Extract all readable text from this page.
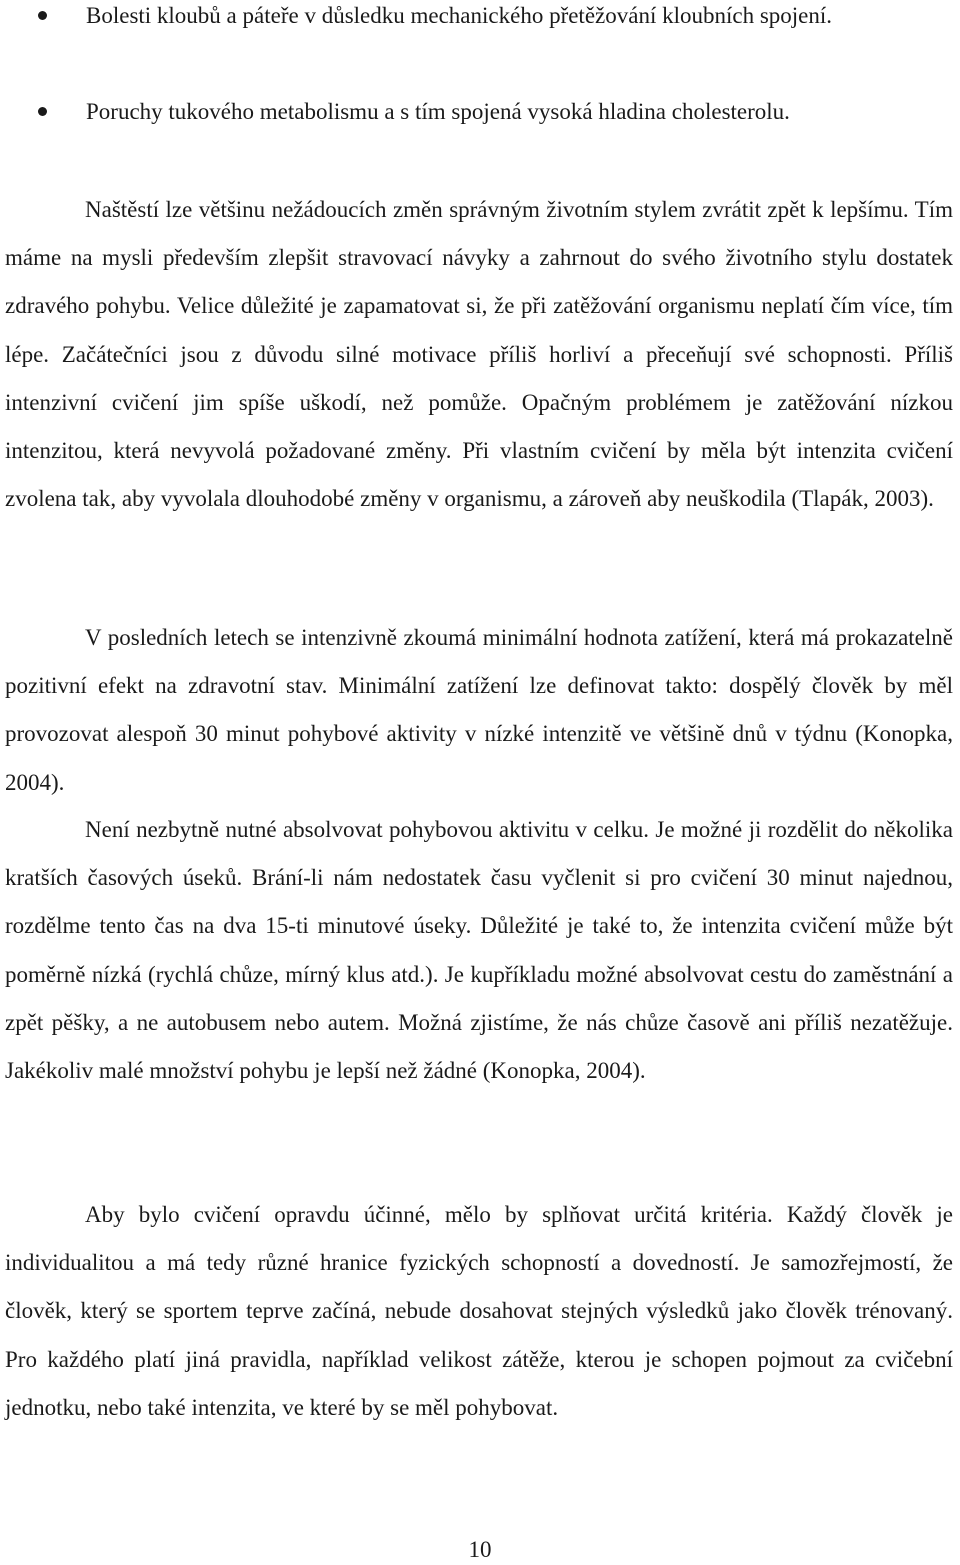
Bolesti kloubů a páteře v důsledku mechanického přetěžování kloubních spojení.
Poruchy tukového metabolismu a s tím spojená vysoká hladina cholesterolu.

Naštěstí lze většinu nežádoucích změn správným životním stylem zvrátit zpět k lepšímu. Tím máme na mysli především zlepšit stravovací návyky a zahrnout do svého životního stylu dostatek zdravého pohybu. Velice důležité je zapamatovat si, že při zatěžování organismu neplatí čím více, tím lépe. Začátečníci jsou z důvodu silné motivace příliš horliví a přeceňují své schopnosti. Příliš intenzivní cvičení jim spíše uškodí, než pomůže. Opačným problémem je zatěžování nízkou intenzitou, která nevyvolá požadované změny. Při vlastním cvičení by měla být intenzita cvičení zvolena tak, aby vyvolala dlouhodobé změny v organismu, a zároveň aby neuškodila (Tlapák, 2003).

V posledních letech se intenzivně zkoumá minimální hodnota zatížení, která má prokazatelně pozitivní efekt na zdravotní stav. Minimální zatížení lze definovat takto: dospělý člověk by měl provozovat alespoň 30 minut pohybové aktivity v nízké intenzitě ve většině dnů v týdnu (Konopka, 2004).

Není nezbytně nutné absolvovat pohybovou aktivitu v celku. Je možné ji rozdělit do několika kratších časových úseků. Brání-li nám nedostatek času vyčlenit si pro cvičení 30 minut najednou, rozdělme tento čas na dva 15-ti minutové úseky. Důležité je také to, že intenzita cvičení může být poměrně nízká (rychlá chůze, mírný klus atd.). Je kupříkladu možné absolvovat cestu do zaměstnání a zpět pěšky, a ne autobusem nebo autem. Možná zjistíme, že nás chůze časově ani příliš nezatěžuje. Jakékoliv malé množství pohybu je lepší než žádné (Konopka, 2004).

Aby bylo cvičení opravdu účinné, mělo by splňovat určitá kritéria. Každý člověk je individualitou a má tedy různé hranice fyzických schopností a dovedností. Je samozřejmostí, že člověk, který se sportem teprve začíná, nebude dosahovat stejných výsledků jako člověk trénovaný. Pro každého platí jiná pravidla, například velikost zátěže, kterou je schopen pojmout za cvičební jednotku, nebo také intenzita, ve které by se měl pohybovat.

10
